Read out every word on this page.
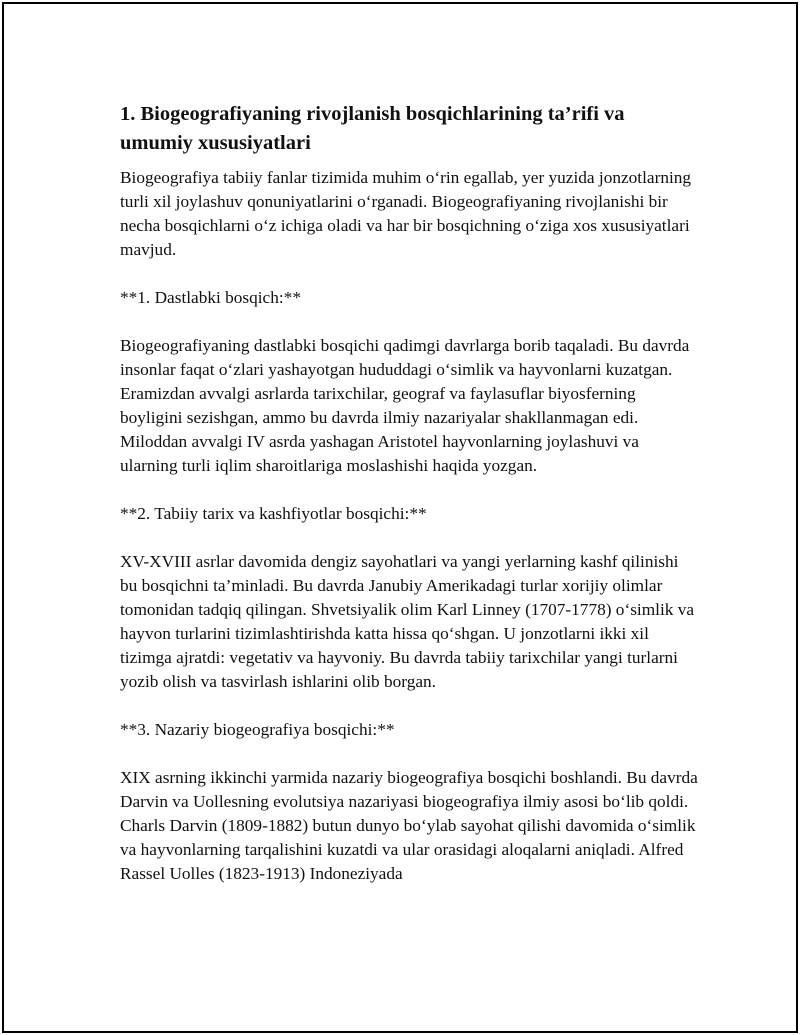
1. Biogeografiyaning rivojlanish bosqichlarining ta’rifi va umumiy xususiyatlari

Biogeografiya tabiiy fanlar tizimida muhim o‘rin egallab, yer yuzida jonzotlarning turli xil joylashuv qonuniyatlarini o‘rganadi. Biogeografiyaning rivojlanishi bir necha bosqichlarni o‘z ichiga oladi va har bir bosqichning o‘ziga xos xususiyatlari mavjud.

**1. Dastlabki bosqich:**

Biogeografiyaning dastlabki bosqichi qadimgi davrlarga borib taqaladi. Bu davrda insonlar faqat o‘zlari yashayotgan hududdagi o‘simlik va hayvonlarni kuzatgan. Eramizdan avvalgi asrlarda tarixchilar, geograf va faylasuflar biyosferning boyligini sezishgan, ammo bu davrda ilmiy nazariyalar shakllanmagan edi. Miloddan avvalgi IV asrda yashagan Aristotel hayvonlarning joylashuvi va ularning turli iqlim sharoitlariga moslashishi haqida yozgan.

**2. Tabiiy tarix va kashfiyotlar bosqichi:**

XV-XVIII asrlar davomida dengiz sayohatlari va yangi yerlarning kashf qilinishi bu bosqichni ta’minladi. Bu davrda Janubiy Amerikadagi turlar xorijiy olimlar tomonidan tadqiq qilingan. Shvetsiyalik olim Karl Linney (1707-1778) o‘simlik va hayvon turlarini tizimlashtirishda katta hissa qo‘shgan. U jonzotlarni ikki xil tizimga ajratdi: vegetativ va hayvoniy. Bu davrda tabiiy tarixchilar yangi turlarni yozib olish va tasvirlash ishlarini olib borgan.

**3. Nazariy biogeografiya bosqichi:**

XIX asrning ikkinchi yarmida nazariy biogeografiya bosqichi boshlandi. Bu davrda Darvin va Uollesning evolutsiya nazariyasi biogeografiya ilmiy asosi bo‘lib qoldi. Charls Darvin (1809-1882) butun dunyo bo‘ylab sayohat qilishi davomida o‘simlik va hayvonlarning tarqalishini kuzatdi va ular orasidagi aloqalarni aniqladi. Alfred Rassel Uolles (1823-1913) Indoneziyada
